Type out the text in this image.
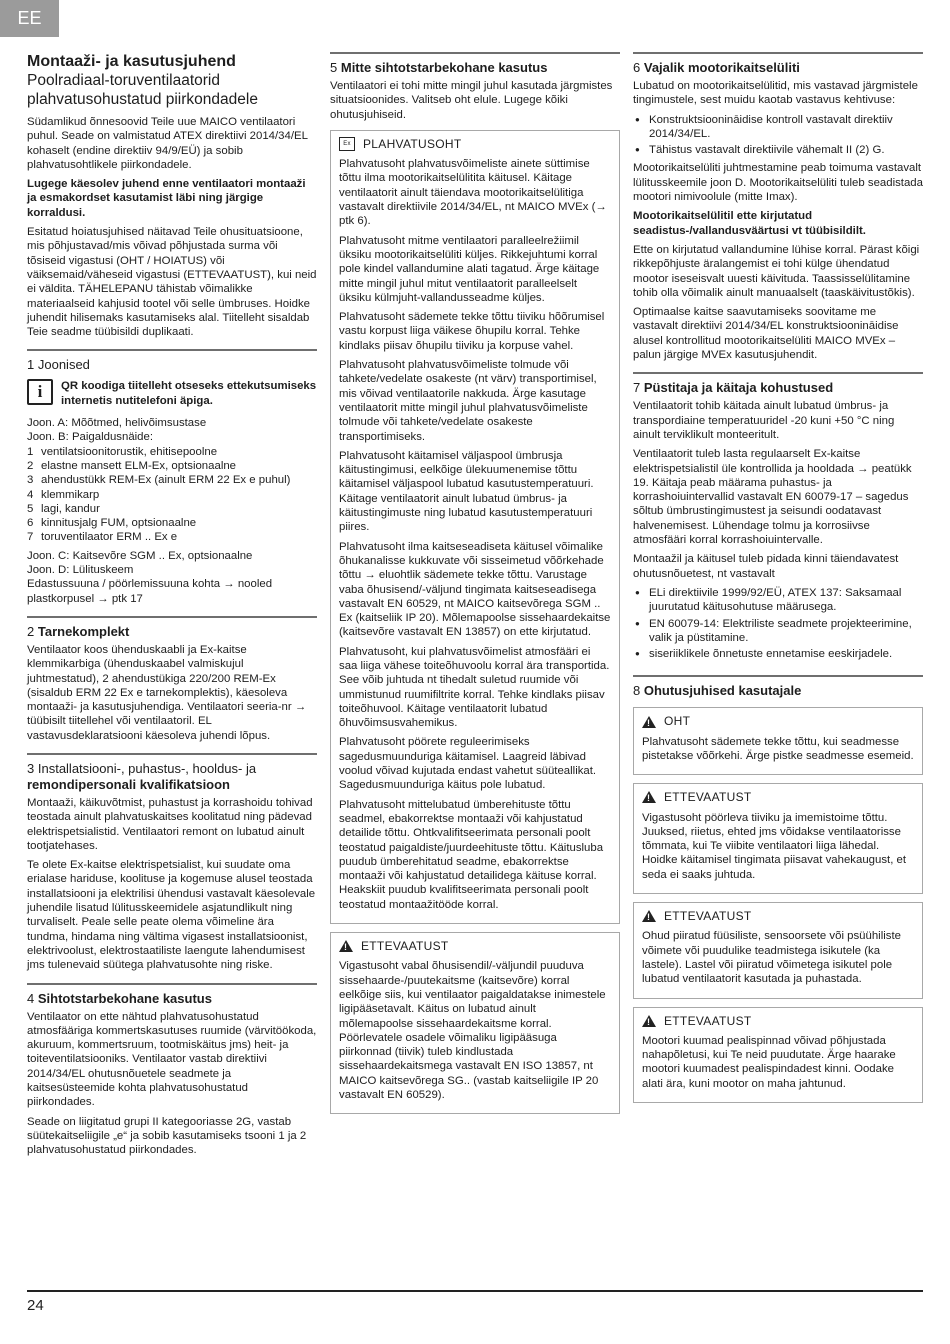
EE
Montaaži- ja kasutusjuhend
Poolradiaal-toruventilaatorid plahvatusohustatud piirkondadele

Südamlikud õnnesoovid Teile uue MAICO ventilaatori puhul. Seade on valmistatud ATEX direktiivi 2014/34/EL kohaselt (endine direktiiv 94/9/EÜ) ja sobib plahvatusohtlikele piirkondadele.

Lugege käesolev juhend enne ventilaatori montaaži ja esmakordset kasutamist läbi ning järgige korraldusi.

Esitatud hoiatusjuhised näitavad Teile ohusituatsioone, mis põhjustavad/mis võivad põhjustada surma või tõsiseid vigastusi (OHT / HOIATUS) või väiksemaid/väheseid vigastusi (ETTEVAATUST), kui neid ei väldita. TÄHELEPANU tähistab võimalikke materiaalseid kahjusid tootel või selle ümbruses. Hoidke juhendit hilisemaks kasutamiseks alal. Tiitelleht sisaldab Teie seadme tüübisildi duplikaati.

1 Joonised
i	QR koodiga tiitelleht otseseks ettekutsumiseks internetis nutitelefoni äpiga.
Joon. A: Mõõtmed, helivõimsustase
Joon. B: Paigaldusnäide:
1 ventilatsioonitorustik, ehitisepoolne
2 elastne mansett ELM-Ex, optsionaalne
3 ahendustükk REM-Ex (ainult ERM 22 Ex e puhul)
4 klemmikarp
5 lagi, kandur
6 kinnitusjalg FUM, optsionaalne
7 toruventilaator ERM .. Ex e
Joon. C: Kaitsevõre SGM .. Ex, optsionaalne
Joon. D: Lülituskeem

Edastussuuna / pöörlemissuuna kohta → nooled plastkorpusel → ptk 17

2 Tarnekomplekt

Ventilaator koos ühenduskaabli ja Ex-kaitse klemmikarbiga (ühenduskaabel valmiskujul juhtmestatud), 2 ahendustükiga 220/200 REM-Ex (sisaldub ERM 22 Ex e tarnekomplektis), käesoleva montaaži- ja kasutusjuhendiga. Ventilaatori seeria-nr → tüübisilt tiitellehel või ventilaatoril. EL vastavusdeklaratsiooni käesoleva juhendi lõpus.

3 Installatsiooni-, puhastus-, hooldus- ja
remondipersonali kvalifikatsioon

Montaaži, käikuvõtmist, puhastust ja korrashoidu tohivad teostada ainult plahvatuskaitses koolitatud ning pädevad elektrispetsialistid. Ventilaatori remont on lubatud ainult tootjatehases.

Te olete Ex-kaitse elektrispetsialist, kui suudate oma erialase hariduse, koolituse ja kogemuse alusel teostada installatsiooni ja elektrilisi ühendusi vastavalt käesolevale juhendile lisatud lülitusskeemidele asjatundlikult ning turvaliselt. Peale selle peate olema võimeline ära tundma, hindama ning vältima vigasest installatsioonist, elektrivoolust, elektrostaatiliste laengute lahendumisest jms tulenevaid süütega plahvatusohte ning riske.

4 Sihtotstarbekohane kasutus

Ventilaator on ette nähtud plahvatusohustatud atmosfääriga kommertskasutuses ruumide (värvitöökoda, akuruum, kommertsruum, tootmiskäitus jms) heit- ja toiteventilatsiooniks. Ventilaator vastab direktiivi 2014/34/EL ohutusnõuetele seadmete ja kaitsesüsteemide kohta plahvatusohustatud piirkondades.

Seade on liigitatud grupi II kategooriasse 2G, vastab süütekaitseliigile „e“ ja sobib kasutamiseks tsooni 1 ja 2 plahvatusohustatud piirkondades.

5 Mitte sihtotstarbekohane kasutus

Ventilaatori ei tohi mitte mingil juhul kasutada järgmistes situatsioonides. Valitseb oht elule. Lugege kõiki ohutusjuhiseid.

Ex	PLAHVATUSOHT

Plahvatusoht plahvatusvõimeliste ainete süttimise tõttu ilma mootorikaitselülitita käitusel. Käitage ventilaatorit ainult täiendava mootorikaitselülitiga vastavalt direktiivile 2014/34/EL, nt MAICO MVEx (→ ptk 6).

Plahvatusoht mitme ventilaatori paralleelrežiimil üksiku mootorikaitselüliti küljes. Rikkejuhtumi korral pole kindel vallandumine alati tagatud. Ärge käitage mitte mingil juhul mitut ventilaatorit paralleelselt üksiku külmjuht-vallandusseadme küljes.

Plahvatusoht sädemete tekke tõttu tiiviku hõõrumisel vastu korpust liiga väikese õhupilu korral. Tehke kindlaks piisav õhupilu tiiviku ja korpuse vahel.

Plahvatusoht plahvatusvõimeliste tolmude või tahkete/vedelate osakeste (nt värv) transportimisel, mis võivad ventilaatorile nakkuda. Ärge kasutage ventilaatorit mitte mingil juhul plahvatusvõimeliste tolmude või tahkete/vedelate osakeste transportimiseks.

Plahvatusoht käitamisel väljaspool ümbrusja käitustingimusi, eelkõige ülekuumenemise tõttu käitamisel väljaspool lubatud kasutustemperatuuri. Käitage ventilaatorit ainult lubatud ümbrus- ja käitustingimuste ning lubatud kasutustemperatuuri piires.

Plahvatusoht ilma kaitseseadiseta käitusel võimalike õhukanalisse kukkuvate või sisseimetud võõrkehade tõttu → eluohtlik sädemete tekke tõttu. Varustage vaba õhusisend/-väljund tingimata kaitseseadisega vastavalt EN 60529, nt MAICO kaitsevõrega SGM .. Ex (kaitseliik IP 20). Mõlemapoolse sissehaardekaitse (kaitsevõre vastavalt EN 13857) on ette kirjutatud.

Plahvatusoht, kui plahvatusvõimelist atmosfääri ei saa liiga vähese toiteõhuvoolu korral ära transportida. See võib juhtuda nt tihedalt suletud ruumide või ummistunud ruumifiltrite korral. Tehke kindlaks piisav toiteõhuvool. Käitage ventilaatorit lubatud õhuvõimsusvahemikus.

Plahvatusoht pöörete reguleerimiseks sagedusmuunduriga käitamisel. Laagreid läbivad voolud võivad kujutada endast vahetut süüteallikat. Sagedusmuunduriga käitus pole lubatud.

Plahvatusoht mittelubatud ümberehituste tõttu seadmel, ebakorrektse montaaži või kahjustatud detailide tõttu. Ohtkvalifitseerimata personali poolt teostatud paigaldiste/juurdeehituste tõttu. Käitusluba puudub ümberehitatud seadme, ebakorrektse montaaži või kahjustatud detailidega käituse korral. Heakskiit puudub kvalifitseerimata personali poolt teostatud montaažitööde korral.

!
ETTEVAATUST

Vigastusoht vabal õhusisendil/-väljundil puuduva sissehaarde-/puutekaitsme (kaitsevõre) korral eelkõige siis, kui ventilaator paigaldatakse inimestele ligipääsetavalt. Käitus on lubatud ainult mõlemapoolse sissehaardekaitsme korral. Pöörlevatele osadele võimaliku ligipääsuga piirkonnad (tiivik) tuleb kindlustada sissehaardekaitsmega vastavalt EN ISO 13857, nt MAICO kaitsevõrega SG.. (vastab kaitseliigile IP 20 vastavalt EN 60529).

6 Vajalik mootorikaitselüliti

Lubatud on mootorikaitselülitid, mis vastavad järgmistele tingimustele, sest muidu kaotab vastavus kehtivuse:

● Konstruktsioonināidise kontroll vastavalt direktiiv 2014/34/EL.
● Tähistus vastavalt direktiivile vähemalt II (2) G.

Mootorikaitselüliti juhtmestamine peab toimuma vastavalt lülitusskeemile joon D. Mootorikaitselüliti tuleb seadistada mootori nimivoolule (mitte Imax).

Mootorikaitselülitil ette kirjutatud seadistus-/vallandusväärtusi vt tüübisildilt.

Ette on kirjutatud vallandumine lühise korral. Pärast kõigi rikkepõhjuste äralangemist ei tohi külge ühendatud mootor iseseisvalt uuesti käivituda. Taassisselülitamine tohib olla võimalik ainult manuaalselt (taaskäivitustõkis).

Optimaalse kaitse saavutamiseks soovitame me vastavalt direktiivi 2014/34/EL konstruktsioonināidise alusel kontrollitud mootorikaitselüliti MAICO MVEx – palun järgige MVEx kasutusjuhendit.

7 Püstitaja ja käitaja kohustused

Ventilaatorit tohib käitada ainult lubatud ümbrus- ja transpordiaine temperatuuridel -20 kuni +50 °C ning ainult terviklikult monteeritult.

Ventilaatorit tuleb lasta regulaarselt Ex-kaitse elektrispetsialistil üle kontrollida ja hooldada → peatükk 19. Käitaja peab määrama puhastus- ja korrashoiuintervallid vastavalt EN 60079-17 – sagedus sõltub ümbrustingimustest ja seisundi oodatavast halvenemisest. Lühendage tolmu ja korrosiivse atmosfääri korral korrashoiuintervalle.

Montaažil ja käitusel tuleb pidada kinni täiendavatest ohutusnõuetest, nt vastavalt

● ELi direktiivile 1999/92/EÜ, ATEX 137: Saksamaal juurutatud käitusohutuse määrusega.
● EN 60079-14: Elektriliste seadmete projekteerimine, valik ja püstitamine.
● siseriiklikele õnnetuste ennetamise eeskirjadele.
8 Ohutusjuhised kasutajale
!
OHT

Plahvatusoht sädemete tekke tõttu, kui seadmesse pistetakse võõrkehi. Ärge pistke seadmesse esemeid.

!
ETTEVAATUST

Vigastusoht pöörleva tiiviku ja imemistoime tõttu. Juuksed, riietus, ehted jms võidakse ventilaatorisse tõmmata, kui Te viibite ventilaatori liiga lähedal. Hoidke käitamisel tingimata piisavat vahekaugust, et seda ei saaks juhtuda.

!
ETTEVAATUST

Ohud piiratud füüsiliste, sensoorsete või psüühiliste võimete või puudulike teadmistega isikutele (ka lastele). Lastel või piiratud võimetega isikutel pole lubatud ventilaatorit kasutada ja puhastada.

!
ETTEVAATUST

Mootori kuumad pealispinnad võivad põhjustada nahapõletusi, kui Te neid puudutate. Ärge haarake mootori kuumadest pealispindadest kinni. Oodake alati ära, kuni mootor on maha jahtunud.

24
